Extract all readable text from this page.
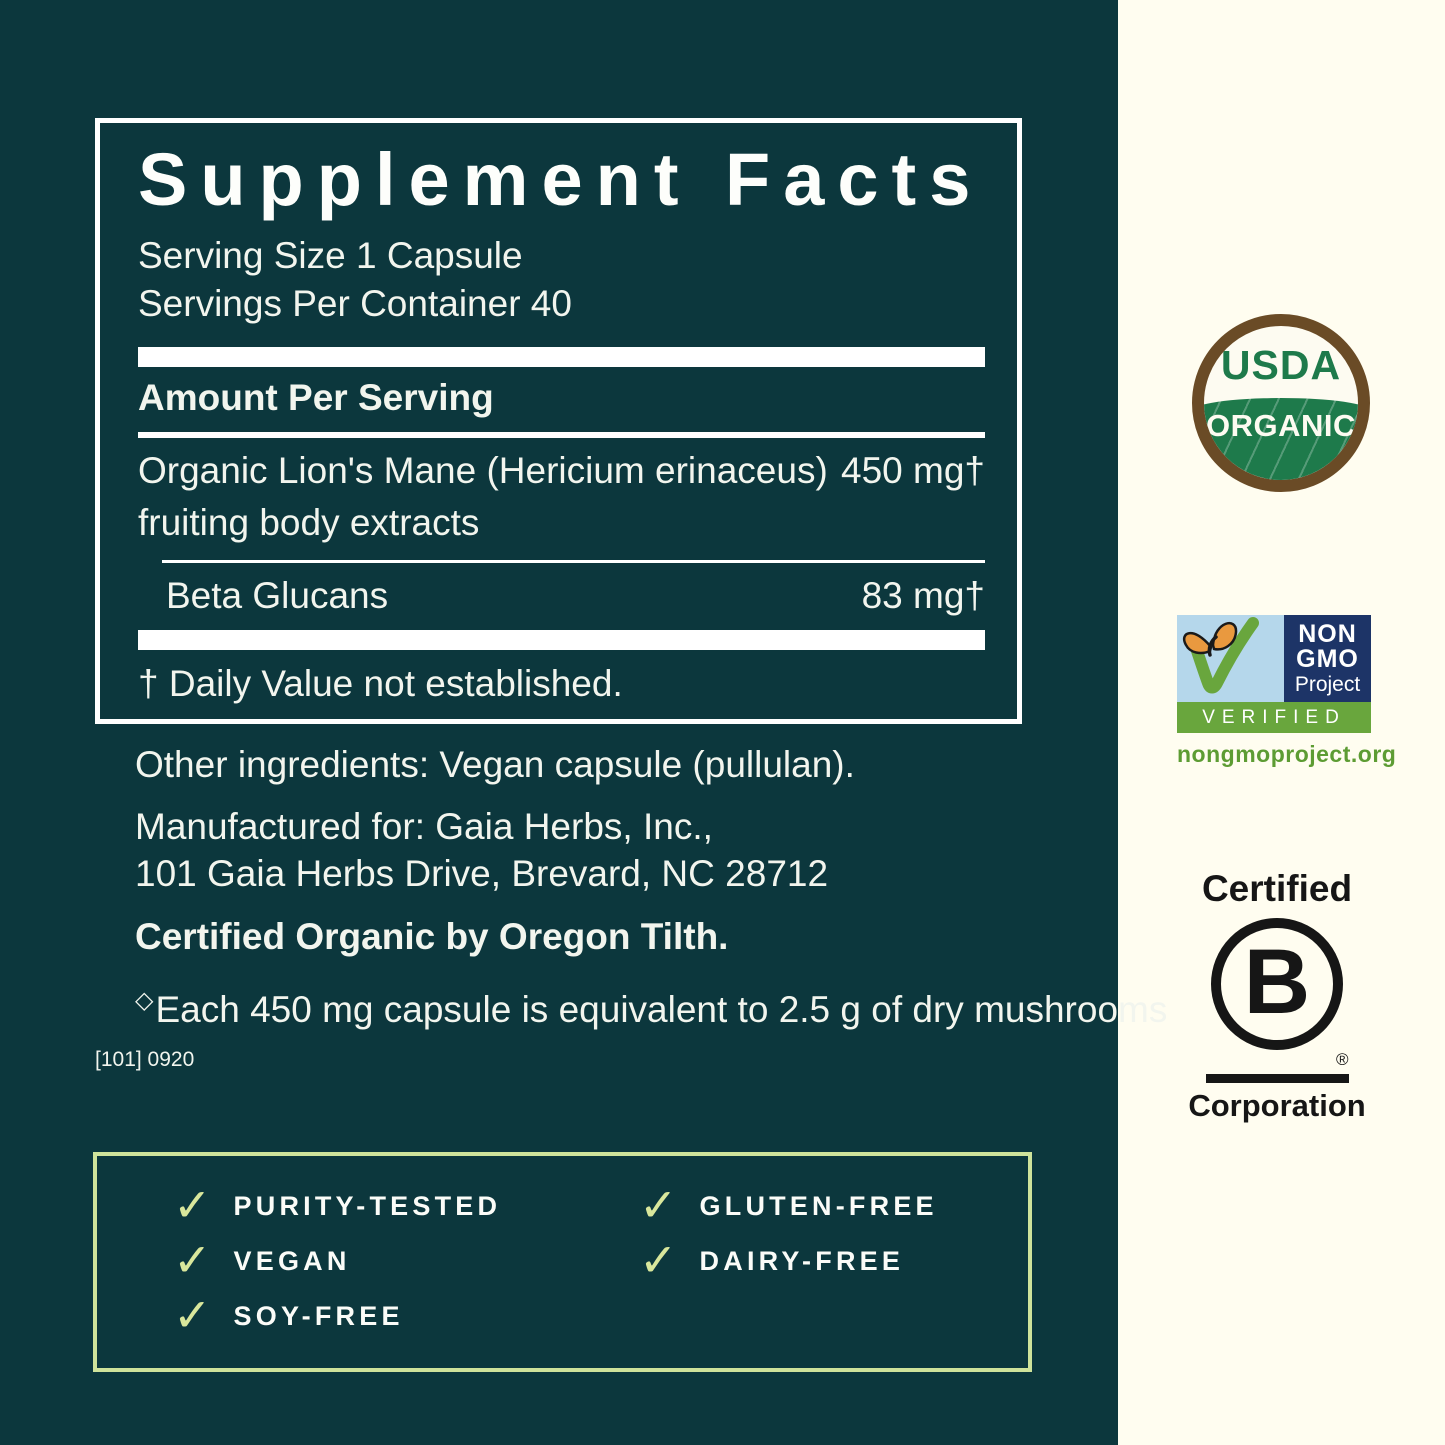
Supplement Facts
Serving Size 1 Capsule
Servings Per Container 40
Amount Per Serving
Organic Lion's Mane (Hericium erinaceus) 450 mg†
fruiting body extracts
Beta Glucans	83 mg†
† Daily Value not established.
Other ingredients: Vegan capsule (pullulan).
Manufactured for: Gaia Herbs, Inc.,
101 Gaia Herbs Drive, Brevard, NC 28712
Certified Organic by Oregon Tilth.
◇Each 450 mg capsule is equivalent to 2.5 g of dry mushrooms
[101] 0920
✓ PURITY-TESTED
✓ VEGAN
✓ SOY-FREE
✓ GLUTEN-FREE
✓ DAIRY-FREE
USDA
ORGANIC
NON
GMO
Project
VERIFIED
nongmoproject.org
Certified
B
®
Corporation
